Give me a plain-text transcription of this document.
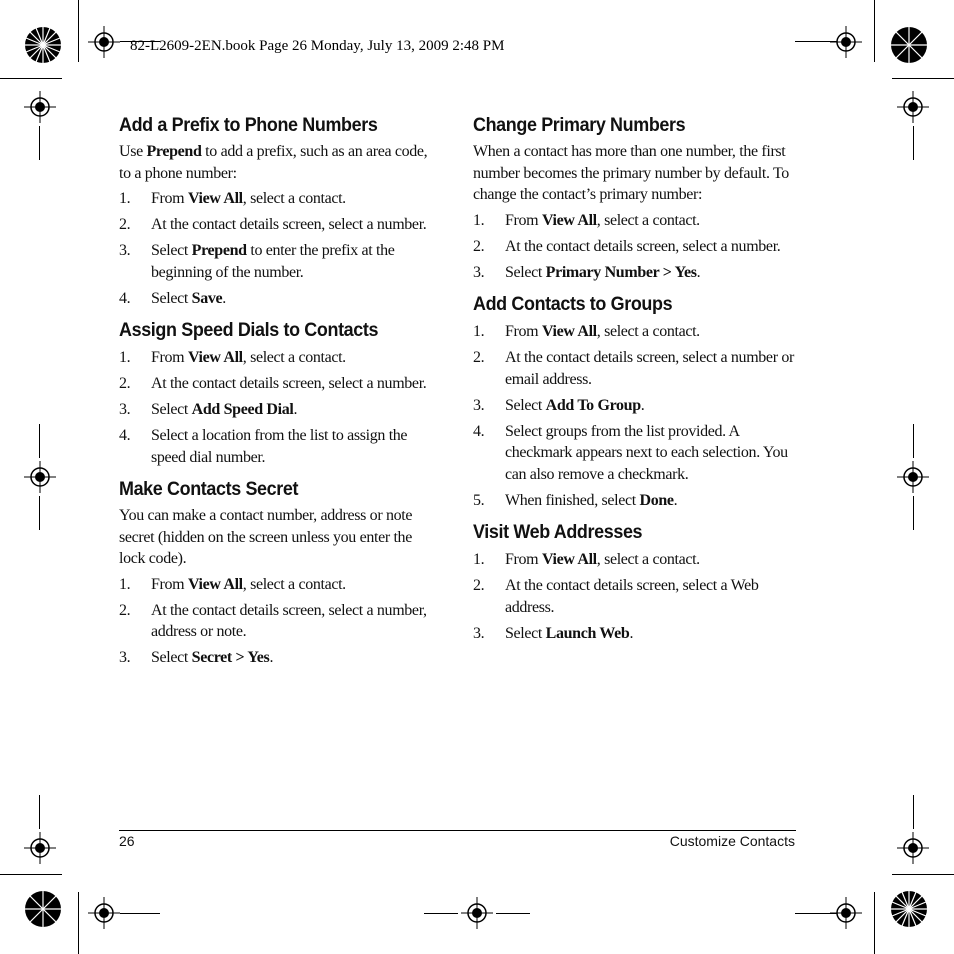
82-L2609-2EN.book Page 26 Monday, July 13, 2009 2:48 PM
Add a Prefix to Phone Numbers

Use Prepend to add a prefix, such as an area code, to a phone number:

1. From View All, select a contact.
2. At the contact details screen, select a number.
3. Select Prepend to enter the prefix at the beginning of the number.
4. Select Save.
Assign Speed Dials to Contacts
1. From View All, select a contact.
2. At the contact details screen, select a number.
3. Select Add Speed Dial.
4. Select a location from the list to assign the speed dial number.
Make Contacts Secret

You can make a contact number, address or note secret (hidden on the screen unless you enter the lock code).

1. From View All, select a contact.
2. At the contact details screen, select a number, address or note.
3. Select Secret > Yes.
Change Primary Numbers

When a contact has more than one number, the first number becomes the primary number by default. To change the contact’s primary number:

1. From View All, select a contact.
2. At the contact details screen, select a number.
3. Select Primary Number > Yes.
Add Contacts to Groups
1. From View All, select a contact.
2. At the contact details screen, select a number or email address.
3. Select Add To Group.
4. Select groups from the list provided. A checkmark appears next to each selection. You can also remove a checkmark.
5. When finished, select Done.
Visit Web Addresses
1. From View All, select a contact.
2. At the contact details screen, select a Web address.
3. Select Launch Web.
26	Customize Contacts
